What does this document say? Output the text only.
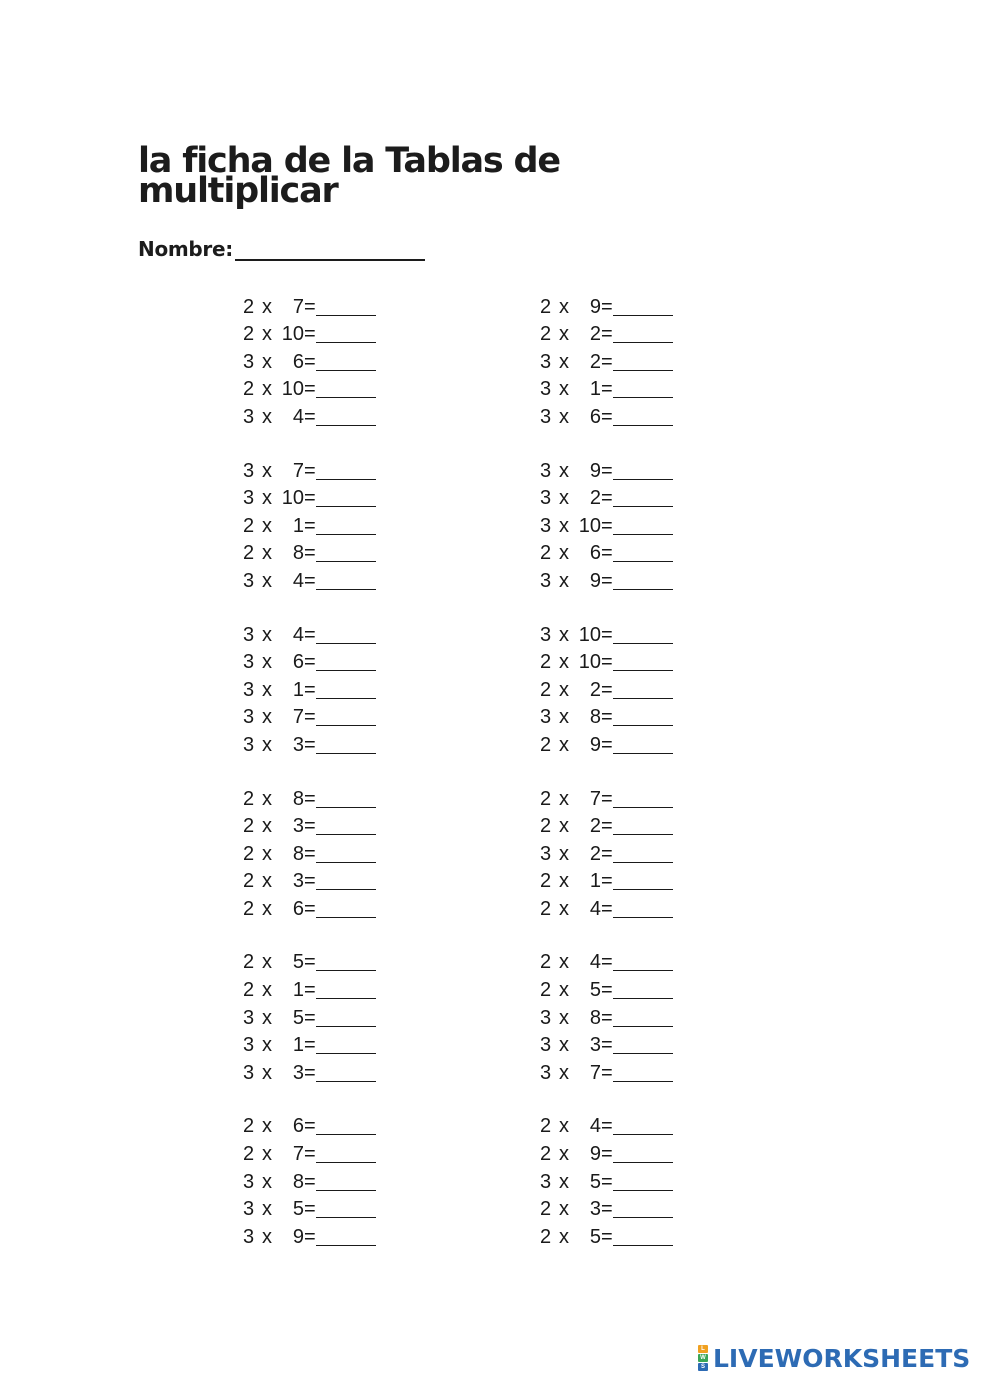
la ficha de la Tablas de multiplicar
Nombre:
2 x	7 =
2 x 10 =
3 x	6 =
2 x 10 =
3 x	4 =
3 x	7 =
3 x 10 =
2 x	1 =
2 x	8 =
3 x	4 =
3 x	4 =
3 x	6 =
3 x	1 =
3 x	7 =
3 x	3 =
2 x	8 =
2 x	3 =
2 x	8 =
2 x	3 =
2 x	6 =
2 x	5 =
2 x	1 =
3 x	5 =
3 x	1 =
3 x	3 =
2 x	6 =
2 x	7 =
3 x	8 =
3 x	5 =
3 x	9 =
2 x	9 =
2 x	2 =
3 x	2 =
3 x	1 =
3 x	6 =
3 x	9 =
3 x	2 =
3 x 10 =
2 x	6 =
3 x	9 =
3 x 10 =
2 x 10 =
2 x	2 =
3 x	8 =
2 x	9 =
2 x	7 =
2 x	2 =
3 x	2 =
2 x	1 =
2 x	4 =
2 x	4 =
2 x	5 =
3 x	8 =
3 x	3 =
3 x	7 =
2 x	4 =
2 x	9 =
3 x	5 =
2 x	3 =
2 x	5 =
L
W
S LIVEWORKSHEETS
